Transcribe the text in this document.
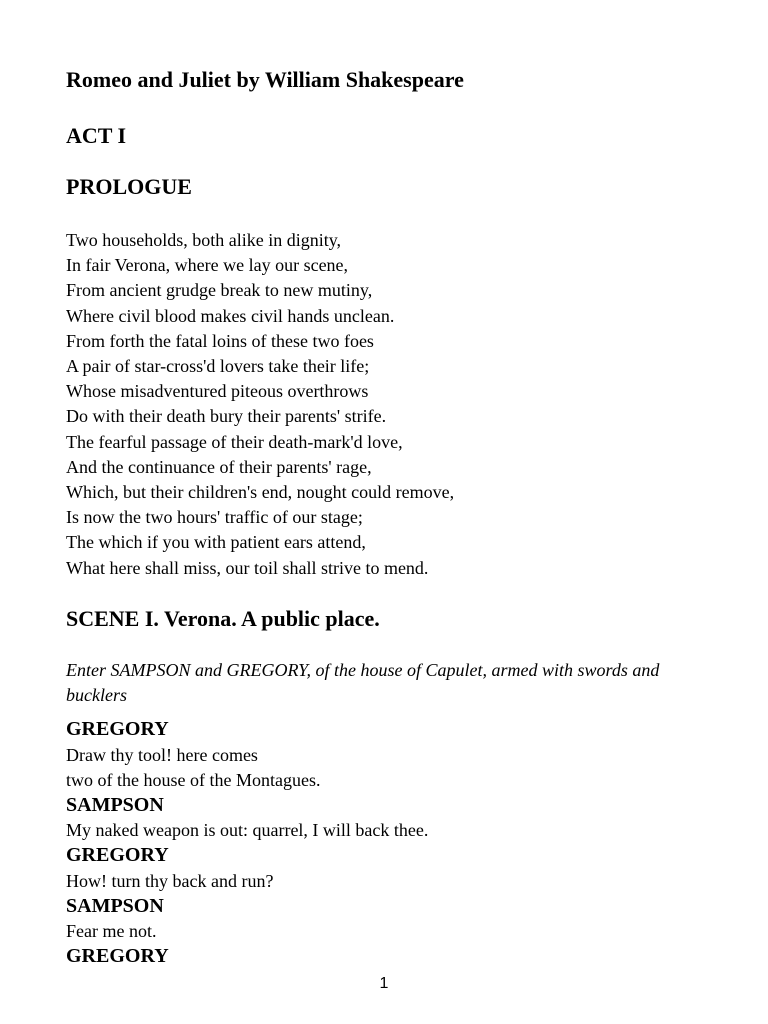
Romeo and Juliet by William Shakespeare
ACT I
PROLOGUE
Two households, both alike in dignity,
In fair Verona, where we lay our scene,
From ancient grudge break to new mutiny,
Where civil blood makes civil hands unclean.
From forth the fatal loins of these two foes
A pair of star-cross'd lovers take their life;
Whose misadventured piteous overthrows
Do with their death bury their parents' strife.
The fearful passage of their death-mark'd love,
And the continuance of their parents' rage,
Which, but their children's end, nought could remove,
Is now the two hours' traffic of our stage;
The which if you with patient ears attend,
What here shall miss, our toil shall strive to mend.
SCENE I. Verona. A public place.

Enter SAMPSON and GREGORY, of the house of Capulet, armed with swords and bucklers

GREGORY

Draw thy tool! here comes

two of the house of the Montagues.

SAMPSON

My naked weapon is out: quarrel, I will back thee.

GREGORY

How! turn thy back and run?

SAMPSON

Fear me not.

GREGORY

1
